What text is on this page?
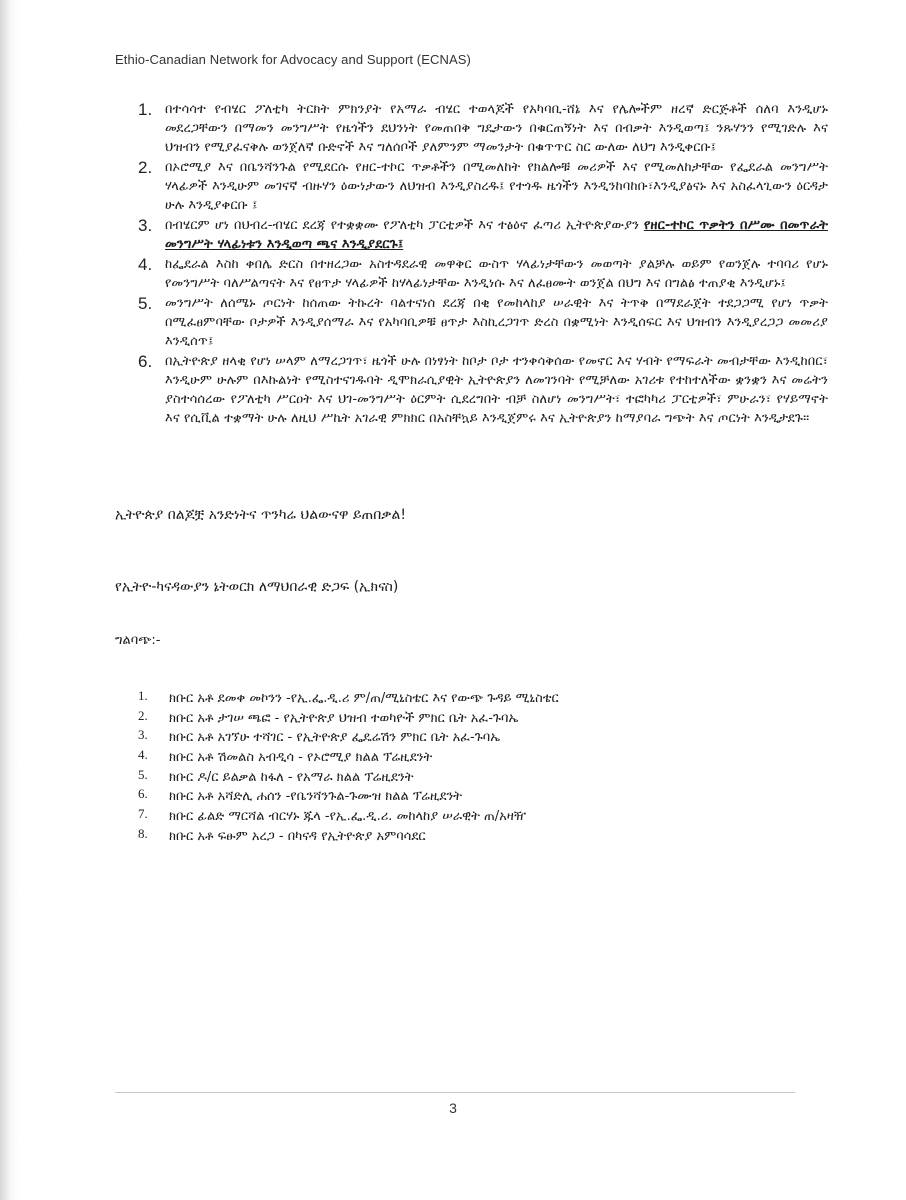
Ethio-Canadian Network for Advocacy and Support (ECNAS)
1. በተሳሳተ የብሄር ፖለቲካ ትርክት ምክንያት የአማራ ብሄር ተወላጆች የአካባቢ-ሸኔ እና የሌሎችም ዘረኛ ድርጅቶች ሰለባ እንዲሆኑ መደረጋቸውን በማመን መንግሥት የዜጎችን ደህንነት የመጠበቅ ግዴታውን በቁርጠኝነት እና በብቃት እንዲወጣ፤ ንጹሃንን የሚገድሉ እና ህዝብን የሚያፈናቅሉ ወንጀለኛ ቡድኖች እና ግለሰቦች ያለምንም ማመንታት በቁጥጥር ስር ውለው ለህግ እንዲቀርቡ፤
2. በኦሮሚያ እና በቤንሻንጉል የሚደርሱ የዘር-ተኮር ጥቃቶችን በሚመለከት የክልሎቹ መሪዎች እና የሚመለከታቸው የፌደራል መንግሥት ሃላፊዎች እንዲሁም መገናኛ ብዙሃን ዕውነታውን ለህዝብ እንዲያስረዱ፤ የተጎዱ ዜጎችን እንዲንከባከቡ፣እንዲያፅናኑ እና አስፈላጊውን ዕርዳታ ሁሉ እንዲያቀርቡ ፤
3. በብሄርም ሆነ በህብረ-ብሄር ደረጃ የተቋቋሙ የፖለቲካ ፓርቲዎች እና ተፅዕኖ ፈጣሪ ኢትዮጵያውያን የዘር-ተኮር ጥቃትን በሥሙ በመጥራት መንግሥት ሃላፊነቱን እንዲወጣ ጫና እንዲያደርጉ፤
4. ከፌደራል እስከ ቀበሌ ድርስ በተዘረጋው አስተዳደራዊ መዋቅር ውስጥ ሃላፊነታቸውን መወጣት ያልቻሉ ወይም የወንጀሉ ተባባሪ የሆኑ የመንግሥት ባለሥልጣናት እና የፀጥታ ሃላፊዎች ከሃላፊነታቸው እንዲነሱ እና ለፈፀሙት ወንጀል በህግ እና በግልፅ ተጠያቂ እንዲሆኑ፤
5. መንግሥት ለሰሜኑ ጦርነት ከሰጠው ትኩረት ባልተናነሰ ደረጃ በቂ የመከላከያ ሠራዊት እና ትጥቅ በማደራጀት ተደጋጋሚ የሆነ ጥቃት በሚፈፀምባቸው ቦታዎች እንዲያሰማራ እና የአካባቢዎቹ ፀጥታ እስኪረጋገጥ ድረስ በቋሚነት እንዲሰፍር እና ህዝብን እንዲያረጋጋ መመሪያ እንዲሰጥ፤
6. በኢትዮጵያ ዘላቂ የሆነ ሠላም ለማረጋገጥ፣ ዜጎች ሁሉ በነፃነት ከቦታ ቦታ ተንቀሳቅሰው የመኖር እና ሃብት የማፍራት መብታቸው እንዲከበር፣ እንዲሁም ሁሉም በእኩልነት የሚስተናገዱባት ዲሞክራሲያዊት ኢትዮጵያን ለመገንባት የሚቻለው አገሪቱ የተከተለችው ቋንቋን እና መሬትን ያስተሳሰረው የፖለቲካ ሥርዐት እና ህገ-መንግሥት ዕርምት ሲደረግበት ብቻ ስለሆነ መንግሥት፣ ተፎካካሪ ፓርቲዎች፣ ምሁራን፣ የሃይማኖት እና የሲቪል ተቋማት ሁሉ ለዚህ ሥኬት አገራዊ ምክክር በአስቸኳይ እንዲጀምሩ እና ኢትዮጵያን ከማያባራ ግጭት እና ጦርነት እንዲታደጉ።
ኢትዮጵያ በልጆቿ አንድነትና ጥንካሬ ህልውናዋ ይጠበቃል!
የኢትዮ-ካናዳውያን ኔትወርክ ለማህበራዊ ድጋፍ (ኢክናስ)
ግልባጭ:-
1. ክቡር አቶ ደመቀ መኮንን -የኢ.ፌ.ዲ.ሪ ም/ጠ/ሚኒስቴር እና የውጭ ጉዳይ ሚኒስቴር
2. ክቡር አቶ ታገሠ ጫፎ - የኢትዮጵያ ህዝብ ተወካዮች ምክር ቤት አፈ-ጉባኤ
3. ክቡር አቶ አገኘሁ ተሻገር - የኢትዮጵያ ፌዴሬሽን ምክር ቤት አፈ-ጉባኤ
4. ክቡር አቶ ሽመልስ አብዲሳ - የኦሮሚያ ክልል ፕሬዚደንት
5. ክቡር ዶ/ር ይልቃል ከፋለ - የአማራ ክልል ፕሬዚደንት
6. ክቡር አቶ አሻድሊ ሐሰን -የቤንሻንጉል-ጉሙዝ ክልል ፕሬዚደንት
7. ክቡር ፊልድ ማርሻል ብርሃኑ ጁላ -የኢ.ፌ.ዲ.ሪ. መከላከያ ሠራዊት ጠ/አዛዥ
8. ክቡር አቶ ፍፁም አረጋ - በካናዳ የኢትዮጵያ አምባሳደር
3
